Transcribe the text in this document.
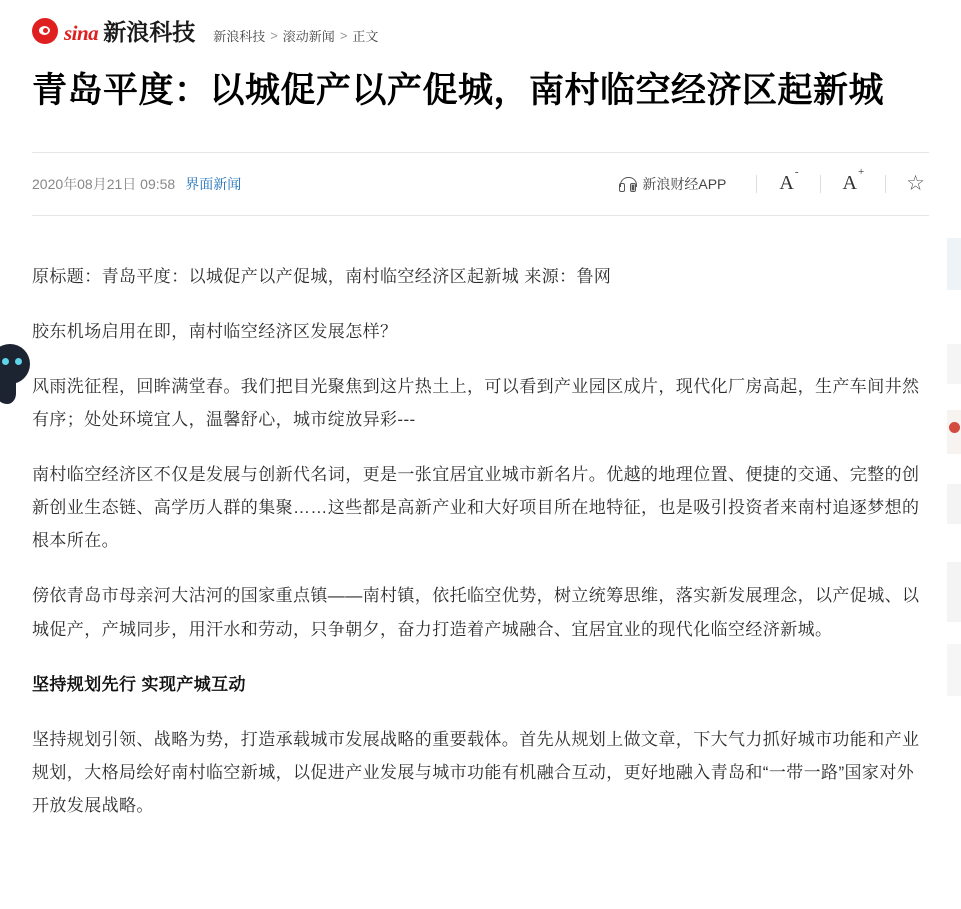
sina 新浪科技 新浪科技 > 滚动新闻 > 正文
青岛平度：以城促产以产促城，南村临空经济区起新城
2020年08月21日 09:58 界面新闻	新浪财经APP	A-	A+ ☆

原标题：青岛平度：以城促产以产促城，南村临空经济区起新城 来源：鲁网

胶东机场启用在即，南村临空经济区发展怎样？

风雨洗征程，回眸满堂春。我们把目光聚焦到这片热土上，可以看到产业园区成片，现代化厂房高起，生产车间井然有序；处处环境宜人，温馨舒心，城市绽放异彩---

南村临空经济区不仅是发展与创新代名词，更是一张宜居宜业城市新名片。优越的地理位置、便捷的交通、完整的创新创业生态链、高学历人群的集聚……这些都是高新产业和大好项目所在地特征，也是吸引投资者来南村追逐梦想的根本所在。

傍依青岛市母亲河大沽河的国家重点镇——南村镇，依托临空优势，树立统筹思维，落实新发展理念，以产促城、以城促产，产城同步，用汗水和劳动，只争朝夕，奋力打造着产城融合、宜居宜业的现代化临空经济新城。

坚持规划先行 实现产城互动

坚持规划引领、战略为势，打造承载城市发展战略的重要载体。首先从规划上做文章，下大气力抓好城市功能和产业规划，大格局绘好南村临空新城，以促进产业发展与城市功能有机融合互动，更好地融入青岛和“一带一路”国家对外开放发展战略。
